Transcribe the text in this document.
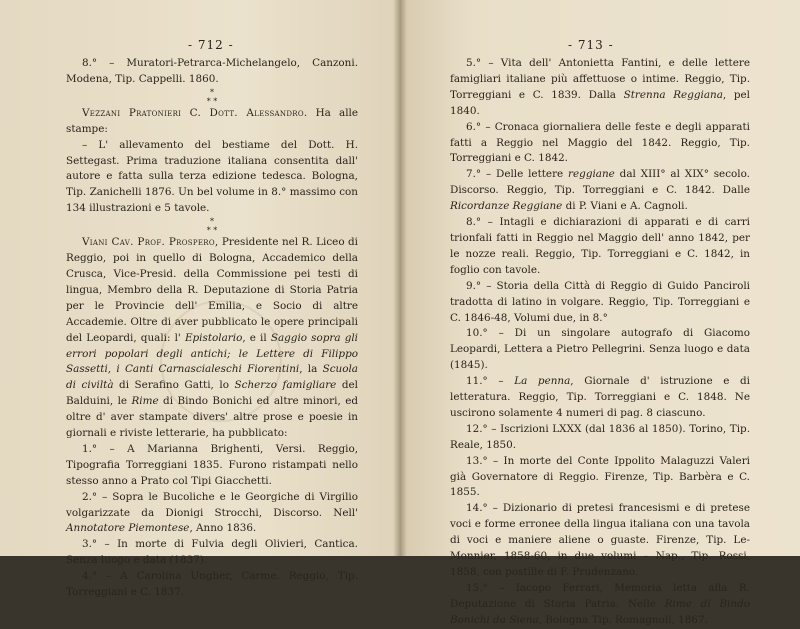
- 712 -

8.° – Muratori-Petrarca-Michelangelo, Canzoni. Modena, Tip. Cappelli. 1860.

*
* *

Vezzani Pratonieri C. Dott. Alessandro. Ha alle stampe:

– L' allevamento del bestiame del Dott. H. Settegast. Prima traduzione italiana consentita dall' autore e fatta sulla terza edizione tedesca. Bologna, Tip. Zanichelli 1876. Un bel volume in 8.° massimo con 134 illustrazioni e 5 tavole.

*
* *

Viani Cav. Prof. Prospero, Presidente nel R. Liceo di Reggio, poi in quello di Bologna, Accademico della Crusca, Vice-Presid. della Commissione pei testi di lingua, Membro della R. Deputazione di Storia Patria per le Provincie dell' Emilia, e Socio di altre Accademie. Oltre di aver pubblicato le opere principali del Leopardi, quali: l' Epistolario, e il Saggio sopra gli errori popolari degli antichi; le Lettere di Filippo Sassetti, i Canti Carnascialeschi Fiorentini, la Scuola di civiltà di Serafino Gatti, lo Scherzo famigliare del Balduini, le Rime di Bindo Bonichi ed altre minori, ed oltre d' aver stampate divers' altre prose e poesie in giornali e riviste letterarie, ha pubblicato:

1.° – A Marianna Brighenti, Versi. Reggio, Tipografia Torreggiani 1835. Furono ristampati nello stesso anno a Prato col Tipi Giacchetti.

2.° – Sopra le Bucoliche e le Georgiche di Virgilio volgarizzate da Dionigi Strocchi, Discorso. Nell' Annotatore Piemontese, Anno 1836.

3.° – In morte di Fulvia degli Olivieri, Cantica. Senza luogo e data (1837).

4.° – A Carolina Ungher, Carme. Reggio, Tip. Torreggiani e C. 1837.

- 713 -

5.° – Vita dell' Antonietta Fantini, e delle lettere famigliari italiane più affettuose o intime. Reggio, Tip. Torreggiani e C. 1839. Dalla Strenna Reggiana, pel 1840.

6.° – Cronaca giornaliera delle feste e degli apparati fatti a Reggio nel Maggio del 1842. Reggio, Tip. Torreggiani e C. 1842.

7.° – Delle lettere reggiane dal XIII° al XIX° secolo. Discorso. Reggio, Tip. Torreggiani e C. 1842. Dalle Ricordanze Reggiane di P. Viani e A. Cagnoli.

8.° – Intagli e dichiarazioni di apparati e di carri trionfali fatti in Reggio nel Maggio dell' anno 1842, per le nozze reali. Reggio, Tip. Torreggiani e C. 1842, in foglio con tavole.

9.° – Storia della Città di Reggio di Guido Panciroli tradotta di latino in volgare. Reggio, Tip. Torreggiani e C. 1846-48, Volumi due, in 8.°

10.° – Di un singolare autografo di Giacomo Leopardi, Lettera a Pietro Pellegrini. Senza luogo e data (1845).

11.° – La penna, Giornale d' istruzione e di letteratura. Reggio, Tip. Torreggiani e C. 1848. Ne uscirono solamente 4 numeri di pag. 8 ciascuno.

12.° – Iscrizioni LXXX (dal 1836 al 1850). Torino, Tip. Reale, 1850.

13.° – In morte del Conte Ippolito Malaguzzi Valeri già Governatore di Reggio. Firenze, Tip. Barbèra e C. 1855.

14.° – Dizionario di pretesi francesismi e di pretese voci e forme erronee della lingua italiana con una tavola di voci e maniere aliene o guaste. Firenze, Tip. Le-Monnier, 1858-60, in due volumi – Nap., Tip. Rossi, 1858, con postille di F. Prudenzano.

15.° – Iacopo Ferrari, Memoria letta alla R. Deputazione di Storia Patria. Nelle Rime di Bindo Bonichi da Siena, Bologna Tip. Romagnoli, 1867.
